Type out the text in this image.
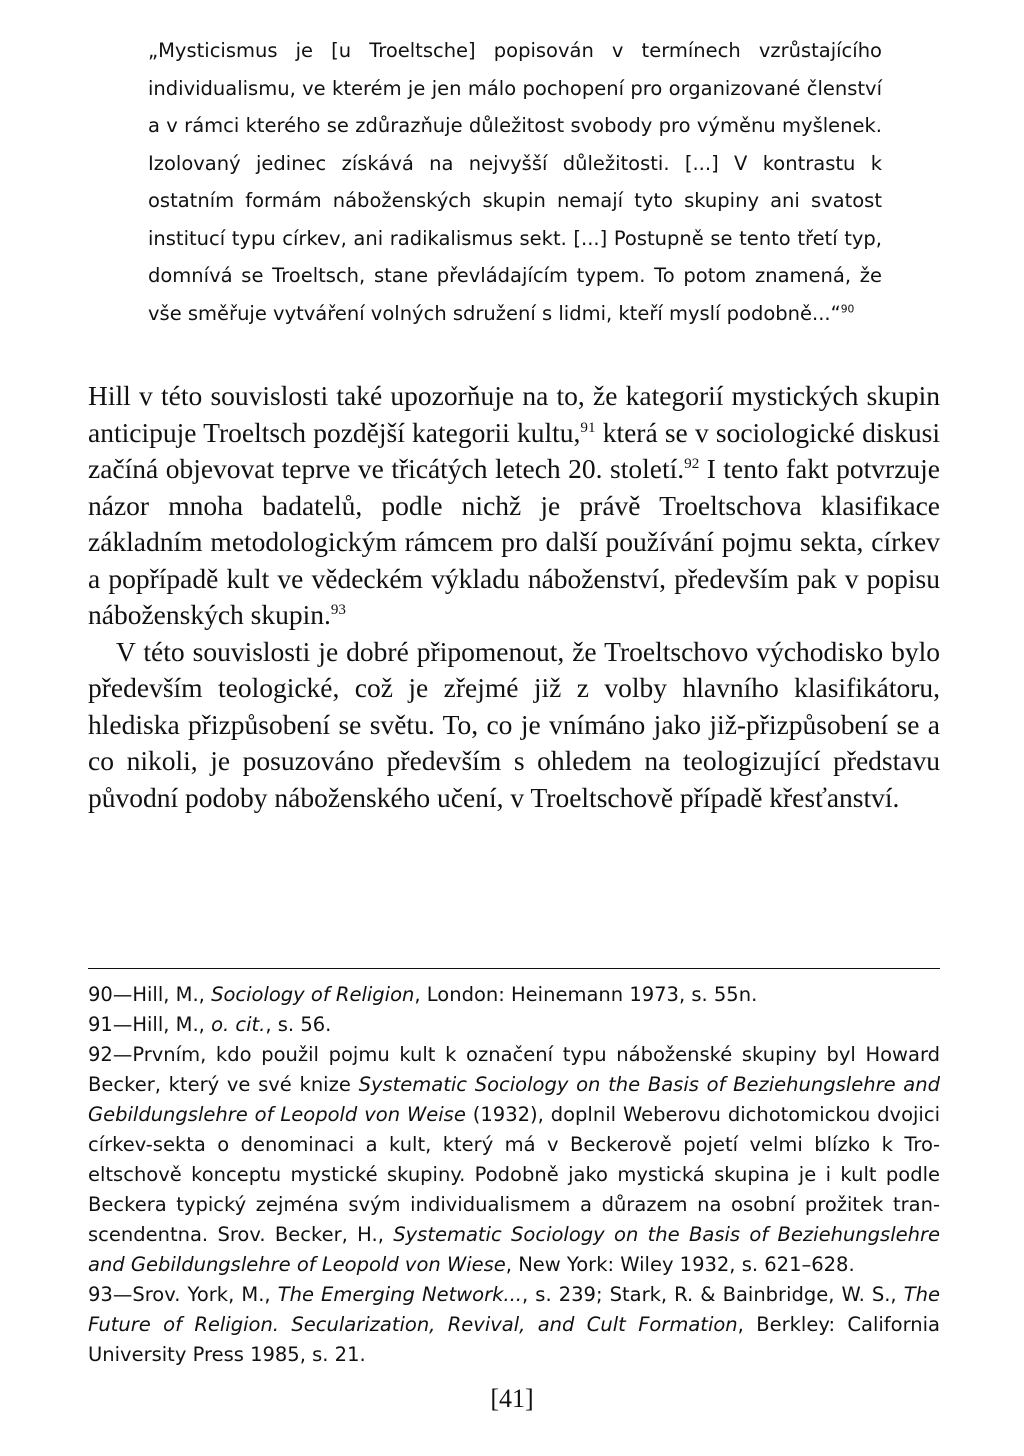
„Mysticismus je [u Troeltsche] popisován v termínech vzrůstajícího individualismu, ve kterém je jen málo pochopení pro organizované členství a v rámci kterého se zdůrazňuje důležitost svobody pro výměnu myšlenek. Izolovaný jedinec získává na nejvyšší důležitosti. [...] V kontrastu k ostatním formám náboženských skupin nemají tyto skupiny ani svatost institucí typu církev, ani radikalismus sekt. [...] Postupně se tento třetí typ, domnívá se Troeltsch, stane převládajícím typem. To potom znamená, že vše směřuje vytváření volných sdružení s lidmi, kteří myslí podobně...“$^{90}$

Hill v této souvislosti také upozorňuje na to, že kategorií mystických skupin anticipuje Troeltsch pozdější kategorii kultu,$^{91}$ která se v sociologické diskusi začíná objevovat teprve ve třicátých letech 20. století.$^{92}$ I tento fakt potvrzuje názor mnoha badatelů, podle nichž je právě Troeltschova klasifikace základním metodologickým rámcem pro další používání pojmu sekta, církev a popřípadě kult ve vědeckém výkladu náboženství, především pak v popisu náboženských skupin.$^{93}$

V této souvislosti je dobré připomenout, že Troeltschovo východisko bylo především teologické, což je zřejmé již z volby hlavního klasifikátoru, hlediska přizpůsobení se světu. To, co je vnímáno jako již-přizpůsobení se a co nikoli, je posuzováno především s ohledem na teologizující představu původní podoby náboženského učení, v Troeltschově případě křesťanství.

90—Hill, M., Sociology of Religion, London: Heinemann 1973, s. 55n.

91—Hill, M., o. cit., s. 56.

92—Prvním, kdo použil pojmu kult k označení typu náboženské skupiny byl Howard Becker, který ve své knize Systematic Sociology on the Basis of Beziehungslehre and Gebildungslehre of Leopold von Weise (1932), doplnil Weberovu dichotomickou dvojici církev-sekta o denominaci a kult, který má v Beckerově pojetí velmi blízko k Troeltschově konceptu mystické skupiny. Podobně jako mystická skupina je i kult podle Beckera typický zejména svým individualismem a důrazem na osobní prožitek transcendentna. Srov. Becker, H., Systematic Sociology on the Basis of Beziehungslehre and Gebildungslehre of Leopold von Wiese, New York: Wiley 1932, s. 621–628.

93—Srov. York, M., The Emerging Network..., s. 239; Stark, R. & Bainbridge, W. S., The Future of Religion. Secularization, Revival, and Cult Formation, Berkley: California University Press 1985, s. 21.

[41]
